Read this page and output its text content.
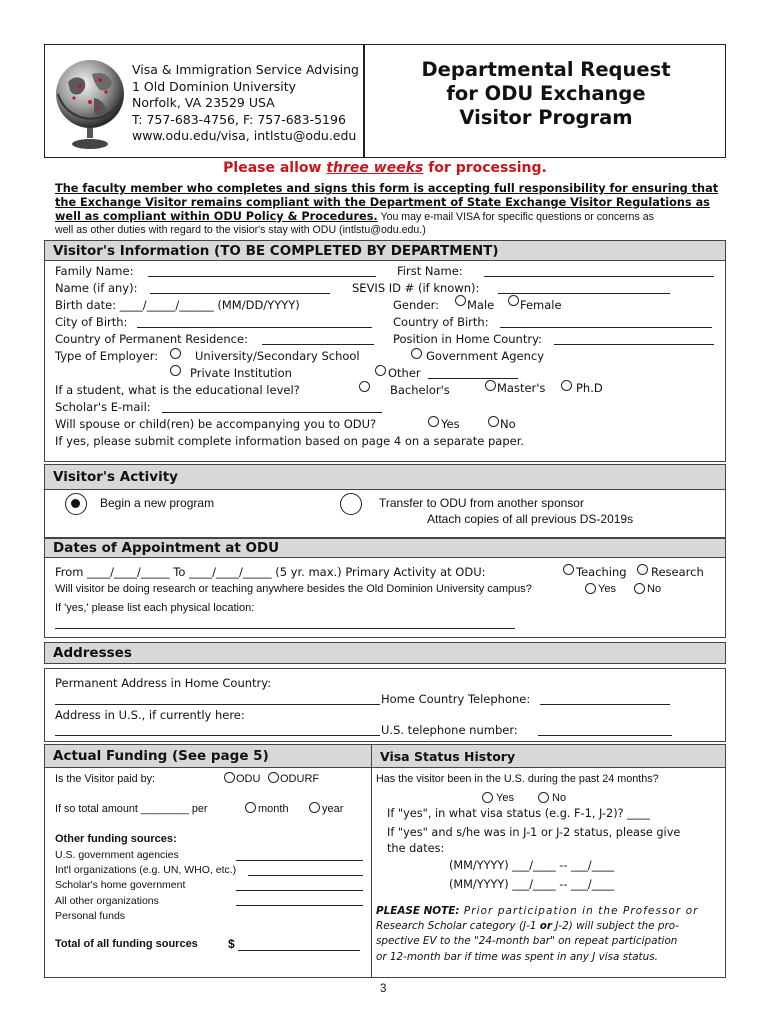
Visa & Immigration Service Advising
1 Old Dominion University
Norfolk, VA 23529 USA
T: 757-683-4756, F: 757-683-5196
www.odu.edu/visa, intlstu@odu.edu
Departmental Request
for ODU Exchange
Visitor Program
Please allow three weeks for processing.
The faculty member who completes and signs this form is accepting full responsibility for ensuring that
the Exchange Visitor remains compliant with the Department of State Exchange Visitor Regulations as
well as compliant within ODU Policy & Procedures. You may e-mail VISA for specific questions or concerns as
well as other duties with regard to the visior's stay with ODU (intlstu@odu.edu.)
Visitor's Information (TO BE COMPLETED BY DEPARTMENT)
Family Name:	First Name:
Name (if any):	SEVIS ID # (if known):
Birth date: ____/_____/______ (MM/DD/YYYY)	Gender: Male Female
City of Birth:	Country of Birth:
Country of Permanent Residence:	Position in Home Country:
Type of Employer:	University/Secondary School	Government Agency
Private Institution	Other
If a student, what is the educational level?	Bachelor's	Master's	Ph.D
Scholar's E-mail:
Will spouse or child(ren) be accompanying you to ODU?	Yes	No
If yes, please submit complete information based on page 4 on a separate paper.
Visitor's Activity
Begin a new program	Transfer to ODU from another sponsor
Attach copies of all previous DS-2019s
Dates of Appointment at ODU
From ____/____/_____ To ____/____/_____ (5 yr. max.) Primary Activity at ODU:	Teaching Research
Will visitor be doing research or teaching anywhere besides the Old Dominion University campus?	Yes	No
If 'yes,' please list each physical location:
Addresses
Permanent Address in Home Country:
Home Country Telephone:
Address in U.S., if currently here:
U.S. telephone number:
Actual Funding (See page 5)	Visa Status History
Is the Visitor paid by:	ODU ODURF
If so total amount ________ per	month	year
Other funding sources:
U.S. government agencies
Int'l organizations (e.g. UN, WHO, etc.)
Scholar's home government
All other organizations
Personal funds
Total of all funding sources	$
Has the visitor been in the U.S. during the past 24 months?
Yes	No
If "yes", in what visa status (e.g. F-1, J-2)? ____
If "yes" and s/he was in J-1 or J-2 status, please give
the dates:
(MM/YYYY) ___/____ -- ___/____
(MM/YYYY) ___/____ -- ___/____
PLEASE NOTE: Prior participation in the Professor or
Research Scholar category (J-1 or J-2) will subject the pro-
spective EV to the "24-month bar" on repeat participation
or 12-month bar if time was spent in any J visa status.
3
